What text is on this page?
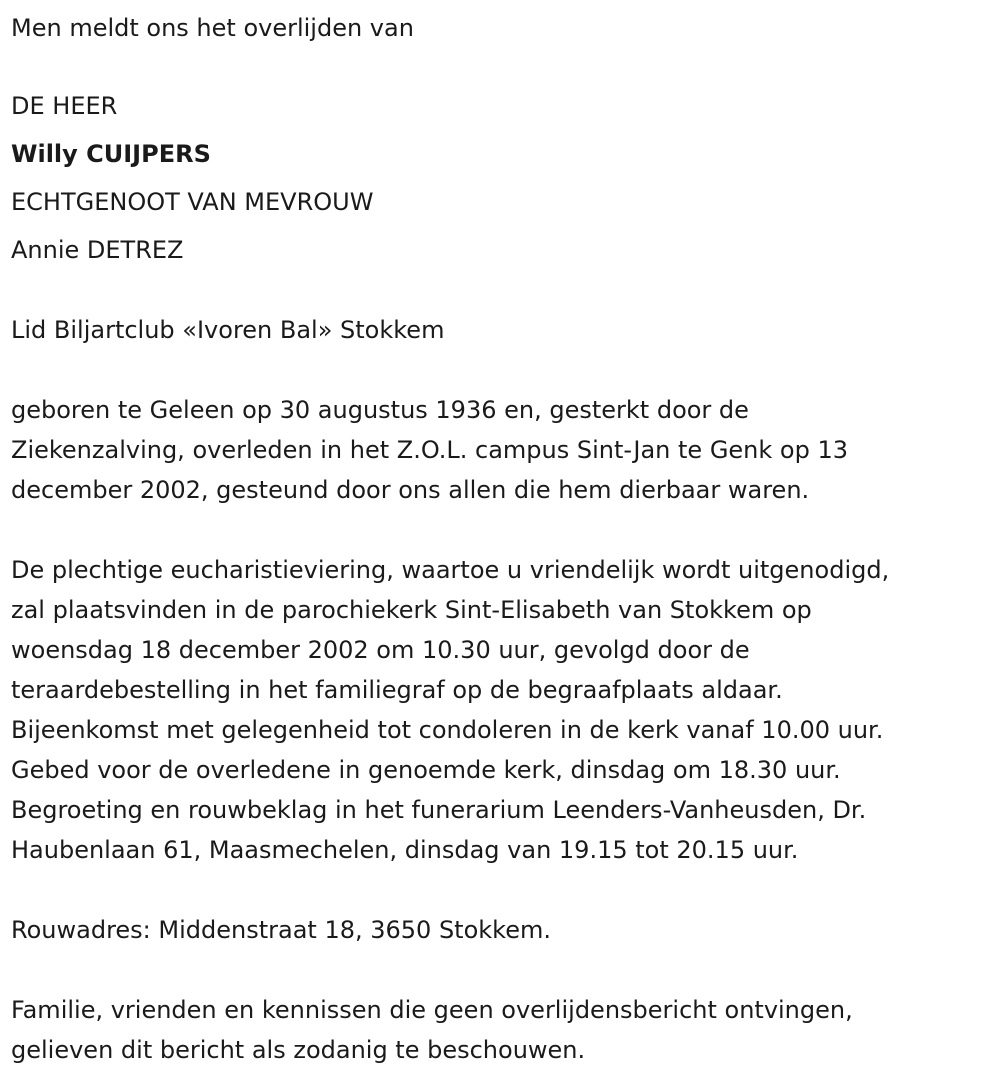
Men meldt ons het overlijden van

DE HEER

Willy CUIJPERS

ECHTGENOOT VAN MEVROUW

Annie DETREZ

Lid Biljartclub «Ivoren Bal» Stokkem

geboren te Geleen op 30 augustus 1936 en, gesterkt door de

Ziekenzalving, overleden in het Z.O.L. campus Sint-Jan te Genk op 13

december 2002, gesteund door ons allen die hem dierbaar waren.

De plechtige eucharistieviering, waartoe u vriendelijk wordt uitgenodigd,

zal plaatsvinden in de parochiekerk Sint-Elisabeth van Stokkem op

woensdag 18 december 2002 om 10.30 uur, gevolgd door de

teraardebestelling in het familiegraf op de begraafplaats aldaar.

Bijeenkomst met gelegenheid tot condoleren in de kerk vanaf 10.00 uur.

Gebed voor de overledene in genoemde kerk, dinsdag om 18.30 uur.

Begroeting en rouwbeklag in het funerarium Leenders-Vanheusden, Dr.

Haubenlaan 61, Maasmechelen, dinsdag van 19.15 tot 20.15 uur.

Rouwadres: Middenstraat 18, 3650 Stokkem.

Familie, vrienden en kennissen die geen overlijdensbericht ontvingen,

gelieven dit bericht als zodanig te beschouwen.
